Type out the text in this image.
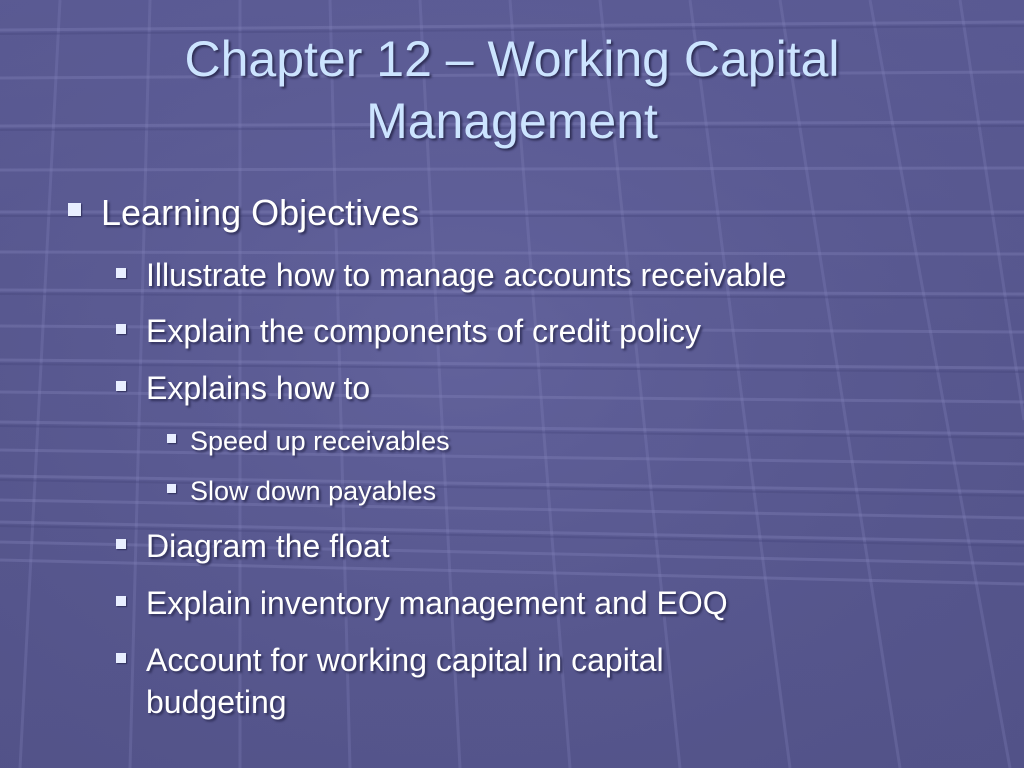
Chapter 12 – Working Capital
Management
Learning Objectives
Illustrate how to manage accounts receivable
Explain the components of credit policy
Explains how to
Speed up receivables
Slow down payables
Diagram the float
Explain inventory management and EOQ
Account for working capital in capital budgeting
